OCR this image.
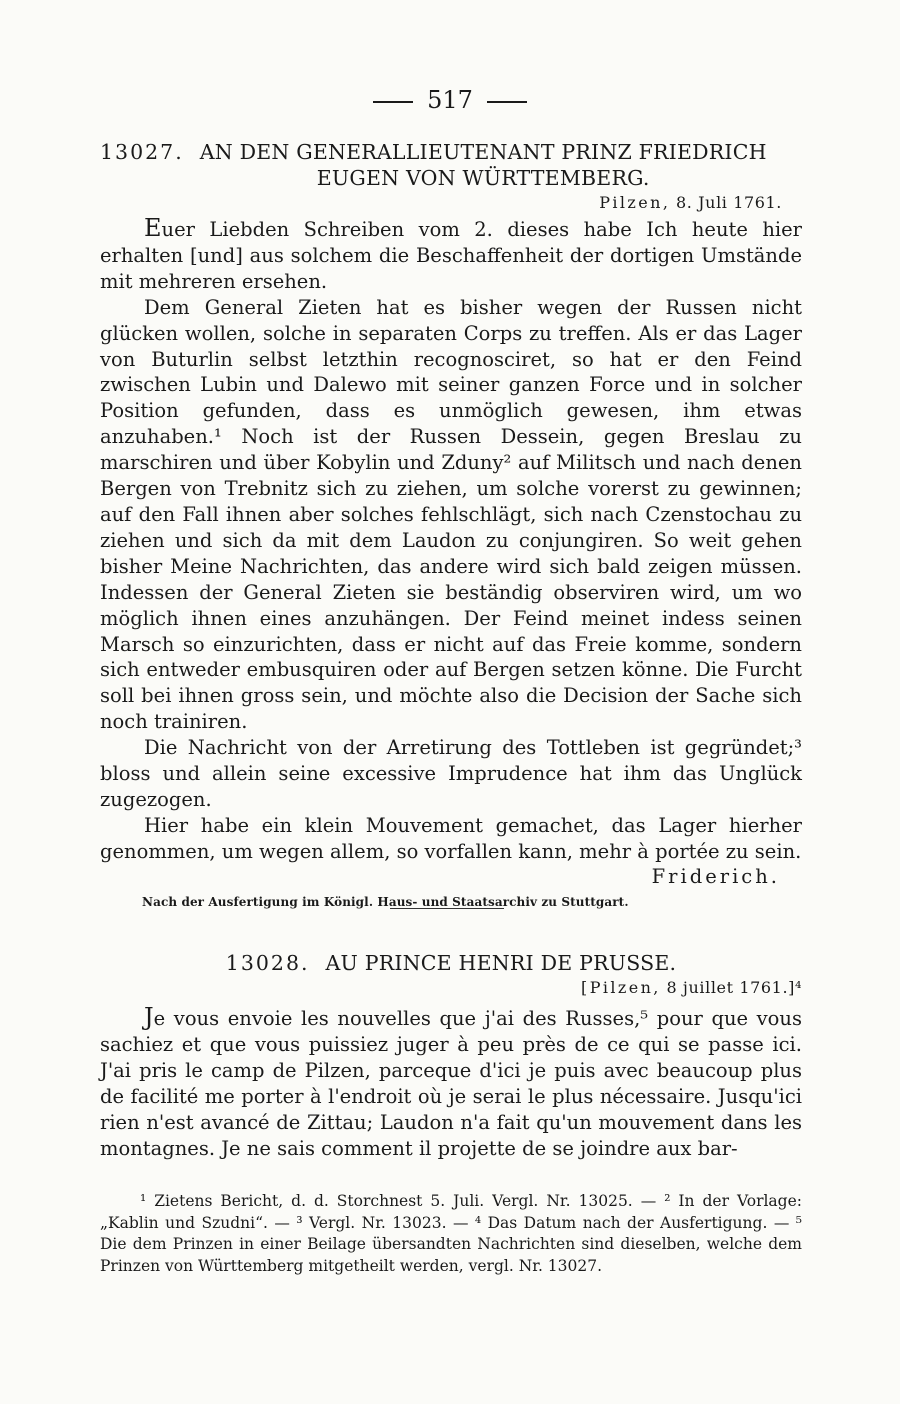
517
13027. AN DEN GENERALLIEUTENANT PRINZ FRIEDRICH
EUGEN VON WÜRTTEMBERG.
Pilzen, 8. Juli 1761.

Euer Liebden Schreiben vom 2. dieses habe Ich heute hier erhalten [und] aus solchem die Beschaffenheit der dortigen Umstände mit mehreren ersehen.

Dem General Zieten hat es bisher wegen der Russen nicht glücken wollen, solche in separaten Corps zu treffen. Als er das Lager von Buturlin selbst letzthin recognosciret, so hat er den Feind zwischen Lubin und Dalewo mit seiner ganzen Force und in solcher Position gefunden, dass es unmöglich gewesen, ihm etwas anzuhaben.¹ Noch ist der Russen Dessein, gegen Breslau zu marschiren und über Kobylin und Zduny² auf Militsch und nach denen Bergen von Trebnitz sich zu ziehen, um solche vorerst zu gewinnen; auf den Fall ihnen aber solches fehlschlägt, sich nach Czenstochau zu ziehen und sich da mit dem Laudon zu conjungiren. So weit gehen bisher Meine Nachrichten, das andere wird sich bald zeigen müssen. Indessen der General Zieten sie beständig observiren wird, um wo möglich ihnen eines anzuhängen. Der Feind meinet indess seinen Marsch so einzurichten, dass er nicht auf das Freie komme, sondern sich entweder embusquiren oder auf Bergen setzen könne. Die Furcht soll bei ihnen gross sein, und möchte also die Decision der Sache sich noch trainiren.

Die Nachricht von der Arretirung des Tottleben ist gegründet;³ bloss und allein seine excessive Imprudence hat ihm das Unglück zugezogen.

Hier habe ein klein Mouvement gemachet, das Lager hierher genommen, um wegen allem, so vorfallen kann, mehr à portée zu sein.

Friderich.
Nach der Ausfertigung im Königl. Haus- und Staatsarchiv zu Stuttgart.
13028. AU PRINCE HENRI DE PRUSSE.
[Pilzen, 8 juillet 1761.]⁴

Je vous envoie les nouvelles que j'ai des Russes,⁵ pour que vous sachiez et que vous puissiez juger à peu près de ce qui se passe ici. J'ai pris le camp de Pilzen, parceque d'ici je puis avec beaucoup plus de facilité me porter à l'endroit où je serai le plus nécessaire. Jusqu'ici rien n'est avancé de Zittau; Laudon n'a fait qu'un mouvement dans les montagnes. Je ne sais comment il projette de se joindre aux bar-

¹ Zietens Bericht, d. d. Storchnest 5. Juli. Vergl. Nr. 13025. — ² In der Vorlage: „Kablin und Szudni“. — ³ Vergl. Nr. 13023. — ⁴ Das Datum nach der Ausfertigung. — ⁵ Die dem Prinzen in einer Beilage übersandten Nachrichten sind dieselben, welche dem Prinzen von Württemberg mitgetheilt werden, vergl. Nr. 13027.
